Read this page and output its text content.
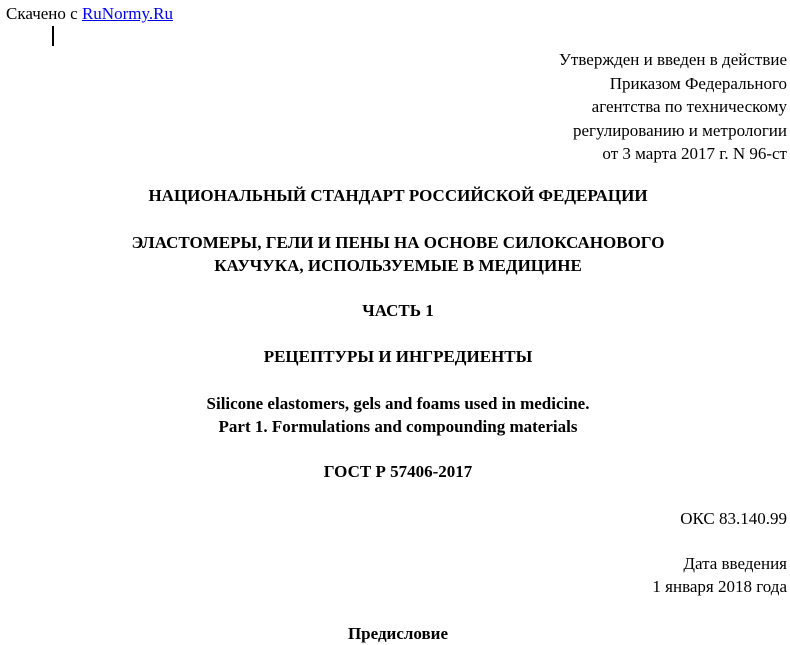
Скачено с RuNormy.Ru
Утвержден и введен в действие
Приказом Федерального
агентства по техническому
регулированию и метрологии
от 3 марта 2017 г. N 96-ст
НАЦИОНАЛЬНЫЙ СТАНДАРТ РОССИЙСКОЙ ФЕДЕРАЦИИ
ЭЛАСТОМЕРЫ, ГЕЛИ И ПЕНЫ НА ОСНОВЕ СИЛОКСАНОВОГО
КАУЧУКА, ИСПОЛЬЗУЕМЫЕ В МЕДИЦИНЕ
ЧАСТЬ 1
РЕЦЕПТУРЫ И ИНГРЕДИЕНТЫ
Silicone elastomers, gels and foams used in medicine.
Part 1. Formulations and compounding materials
ГОСТ Р 57406-2017
ОКС 83.140.99
Дата введения
1 января 2018 года
Предисловие
